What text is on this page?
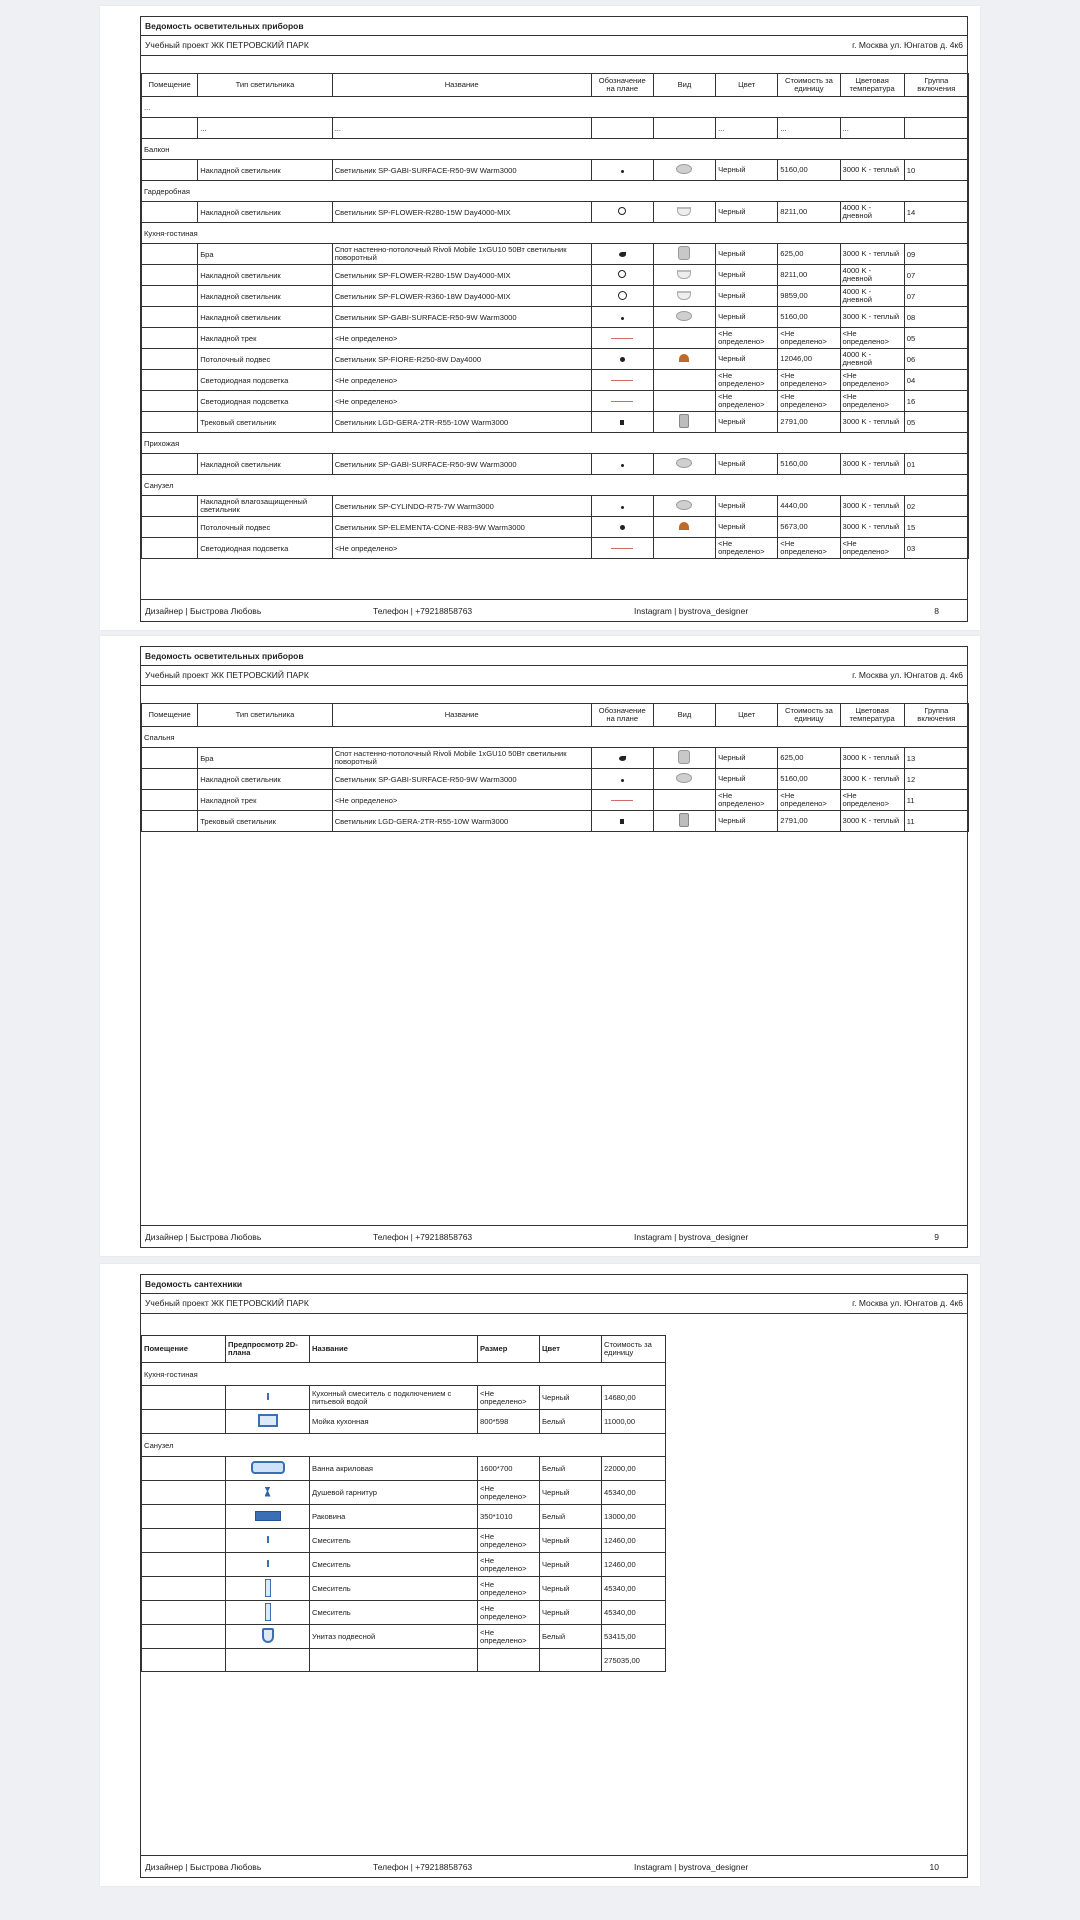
Ведомость осветительных приборов
Учебный проект ЖК ПЕТРОВСКИЙ ПАРК	г. Москва ул. Юнгатов д. 4к6
Помещение	Тип светильника	Название	Обозначение на плане	Вид	Цвет	Стоимость за единицу	Цветовая температура	Группа включения
...								
	...	...			...	...	...	
Балкон								
	Накладной светильник	Светильник SP-GABI-SURFACE-R50-9W Warm3000			Черный	5160,00	3000 K - теплый	10
Гардеробная								
	Накладной светильник	Светильник SP-FLOWER-R280-15W Day4000-MIX			Черный	8211,00	4000 K - дневной	14
Кухня-гостиная								
	Бра	Спот настенно-потолочный Rivoli Mobile 1xGU10 50Вт светильник поворотный			Черный	625,00	3000 K - теплый	09
	Накладной светильник	Светильник SP-FLOWER-R280-15W Day4000-MIX			Черный	8211,00	4000 K - дневной	07
	Накладной светильник	Светильник SP-FLOWER-R360-18W Day4000-MIX			Черный	9859,00	4000 K - дневной	07
	Накладной светильник	Светильник SP-GABI-SURFACE-R50-9W Warm3000			Черный	5160,00	3000 K - теплый	08
	Накладной трек	<Не определено>			<Не определено>	<Не определено>	<Не определено>	05
	Потолочный подвес	Светильник SP-FIORE-R250-8W Day4000			Черный	12046,00	4000 K - дневной	06
	Светодиодная подсветка	<Не определено>			<Не определено>	<Не определено>	<Не определено>	04
	Светодиодная подсветка	<Не определено>			<Не определено>	<Не определено>	<Не определено>	16
	Трековый светильник	Светильник LGD-GERA-2TR-R55-10W Warm3000			Черный	2791,00	3000 K - теплый	05
Прихожая								
	Накладной светильник	Светильник SP-GABI-SURFACE-R50-9W Warm3000			Черный	5160,00	3000 K - теплый	01
Санузел								
	Накладной влагозащищенный светильник	Светильник SP-CYLINDO-R75-7W Warm3000			Черный	4440,00	3000 K - теплый	02
	Потолочный подвес	Светильник SP-ELEMENTA-CONE-R83-9W Warm3000			Черный	5673,00	3000 K - теплый	15
	Светодиодная подсветка	<Не определено>			<Не определено>	<Не определено>	<Не определено>	03
Дизайнер | Быстрова Любовь	Телефон | +79218858763	Instagram | bystrova_designer	8
Ведомость осветительных приборов
Учебный проект ЖК ПЕТРОВСКИЙ ПАРК	г. Москва ул. Юнгатов д. 4к6
Помещение	Тип светильника	Название	Обозначение на плане	Вид	Цвет	Стоимость за единицу	Цветовая температура	Группа включения
Спальня								
	Бра	Спот настенно-потолочный Rivoli Mobile 1xGU10 50Вт светильник поворотный			Черный	625,00	3000 K - теплый	13
	Накладной светильник	Светильник SP-GABI-SURFACE-R50-9W Warm3000			Черный	5160,00	3000 K - теплый	12
	Накладной трек	<Не определено>			<Не определено>	<Не определено>	<Не определено>	11
	Трековый светильник	Светильник LGD-GERA-2TR-R55-10W Warm3000			Черный	2791,00	3000 K - теплый	11
Дизайнер | Быстрова Любовь	Телефон | +79218858763	Instagram | bystrova_designer	9
Ведомость сантехники
Учебный проект ЖК ПЕТРОВСКИЙ ПАРК	г. Москва ул. Юнгатов д. 4к6
Помещение	Предпросмотр 2D-плана	Название	Размер	Цвет	Стоимость за единицу
Кухня-гостиная					
		Кухонный смеситель с подключением с питьевой водой	<Не определено>	Черный	14680,00
		Мойка кухонная	800*598	Белый	11000,00
Санузел					
		Ванна акриловая	1600*700	Белый	22000,00
		Душевой гарнитур	<Не определено>	Черный	45340,00
		Раковина	350*1010	Белый	13000,00
		Смеситель	<Не определено>	Черный	12460,00
		Смеситель	<Не определено>	Черный	12460,00
		Смеситель	<Не определено>	Черный	45340,00
		Смеситель	<Не определено>	Черный	45340,00
		Унитаз подвесной	<Не определено>	Белый	53415,00
					275035,00
Дизайнер | Быстрова Любовь	Телефон | +79218858763	Instagram | bystrova_designer	10
